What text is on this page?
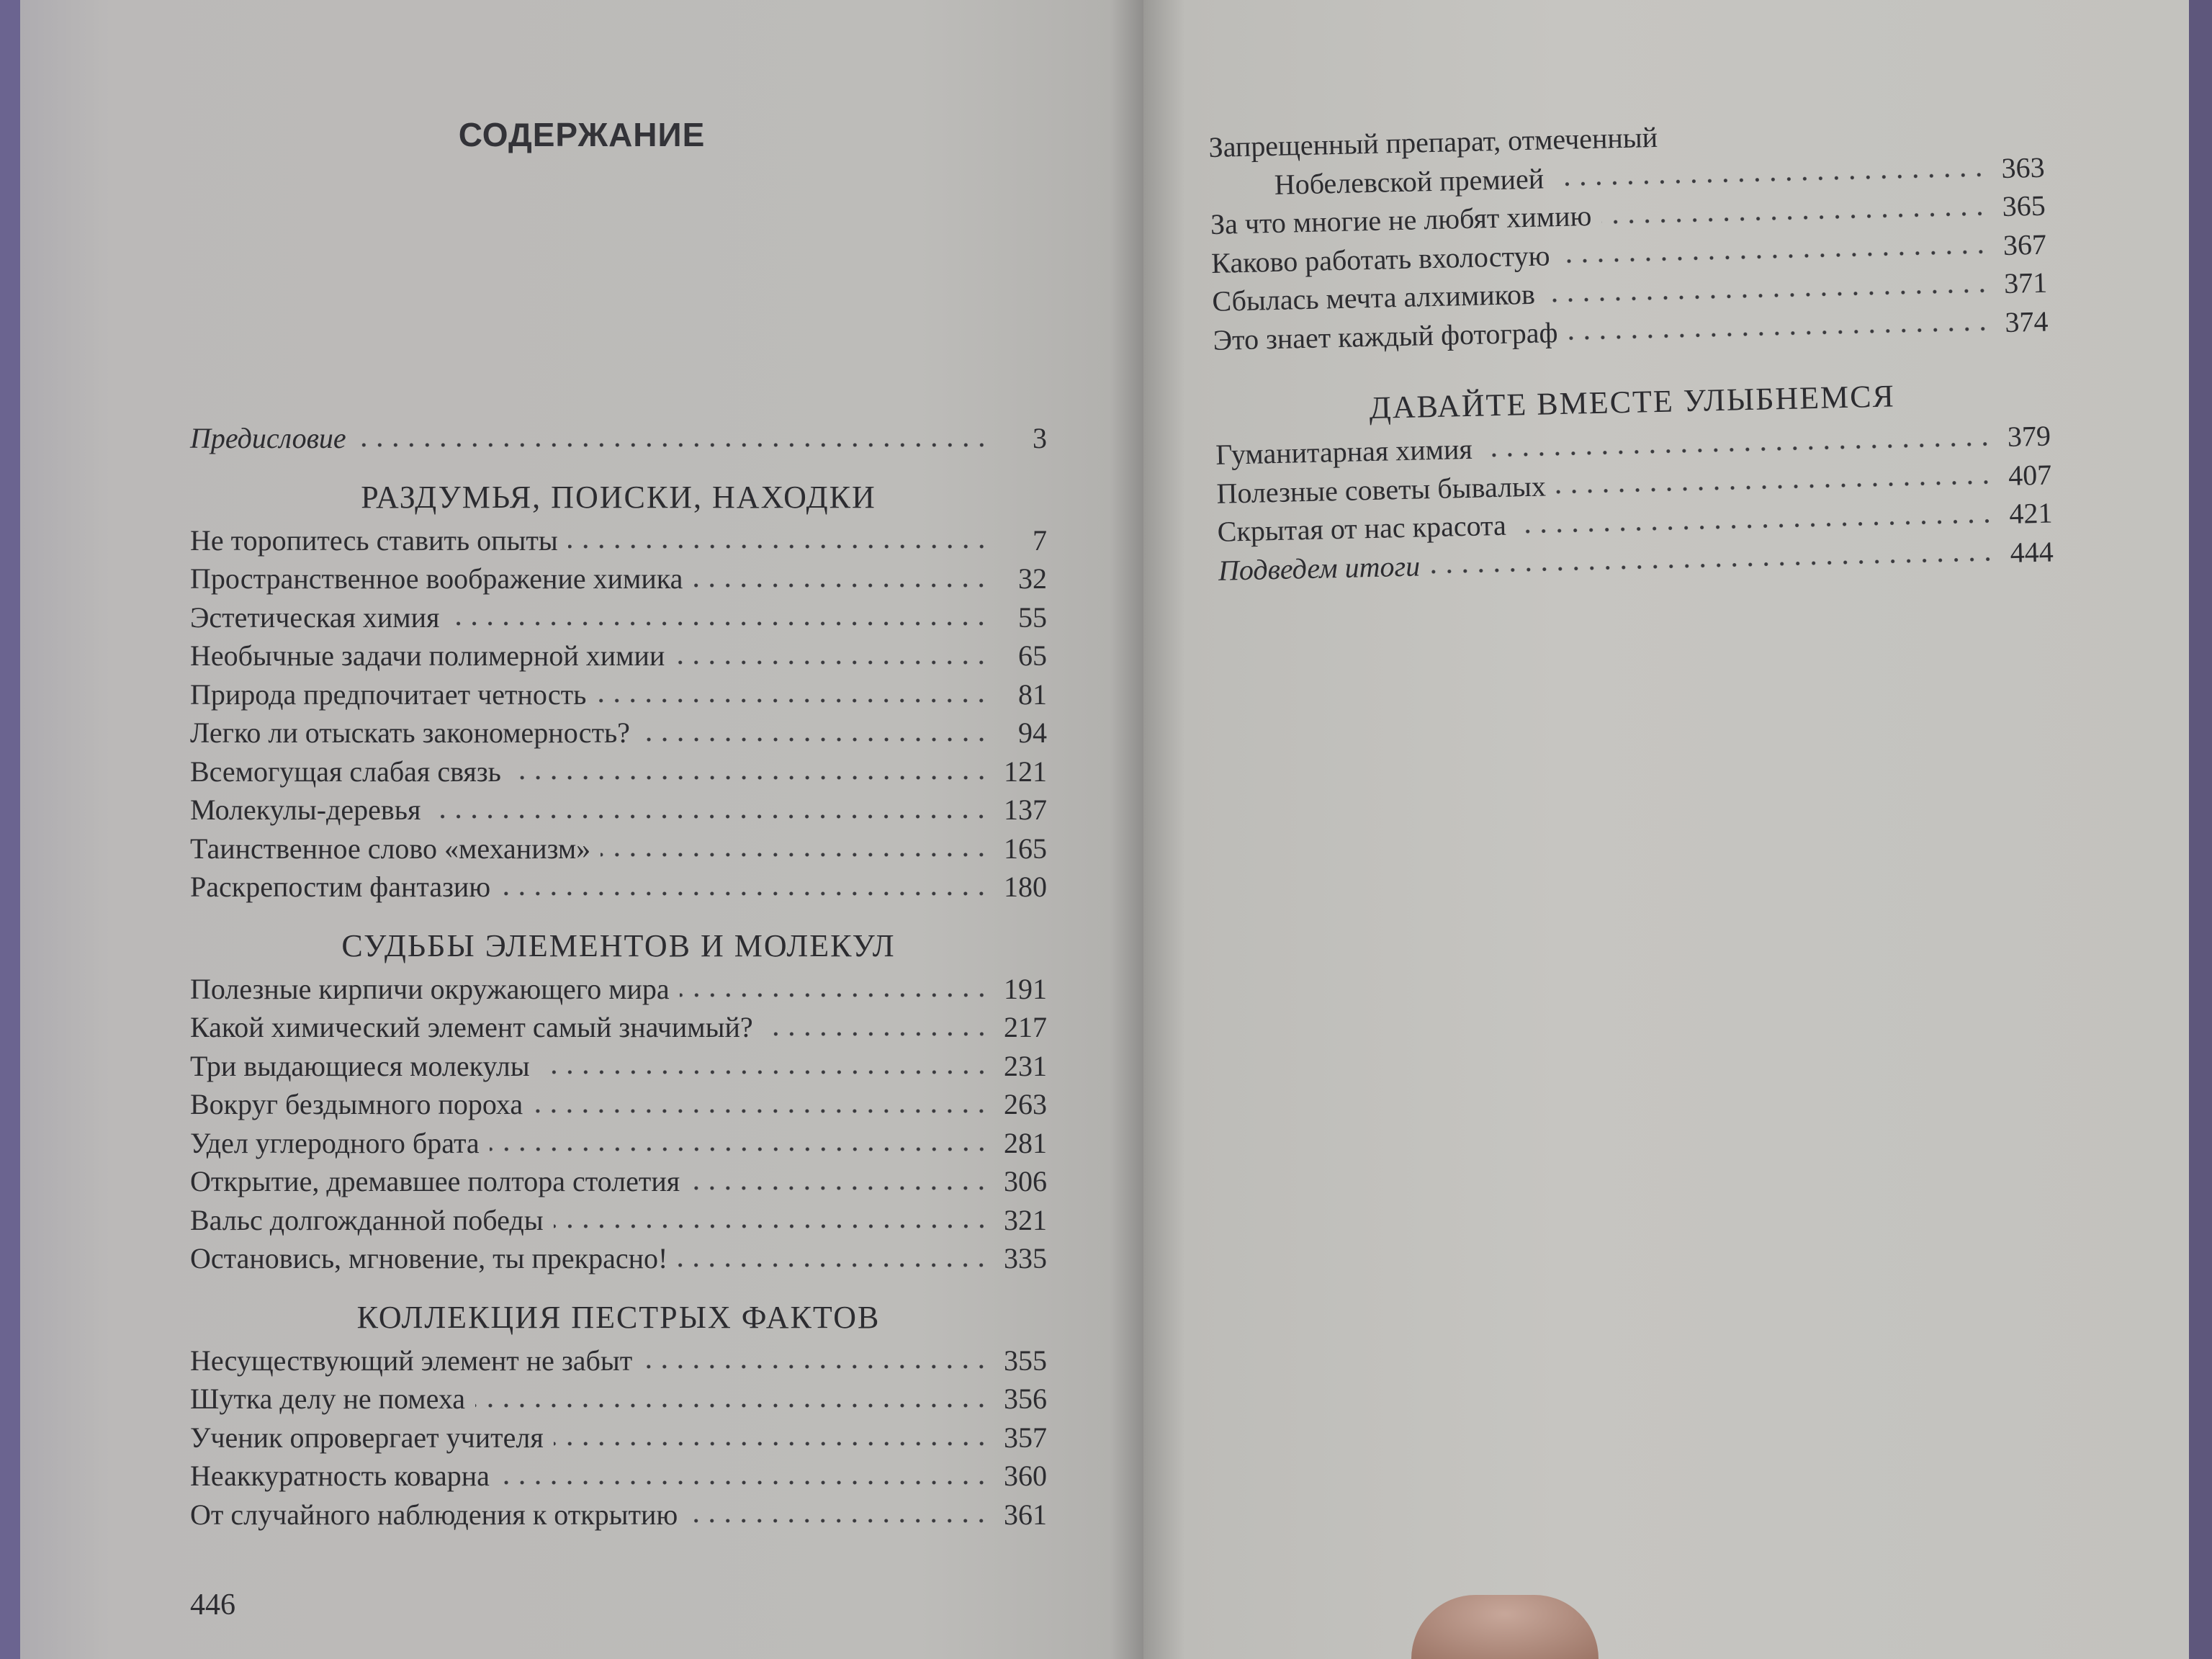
СОДЕРЖАНИЕ
Предисловие	3
РАЗДУМЬЯ, ПОИСКИ, НАХОДКИ
Не торопитесь ставить опыты	7
Пространственное воображение химика	32
Эстетическая химия	55
Необычные задачи полимерной химии	65
Природа предпочитает четность	81
Легко ли отыскать закономерность?	94
Всемогущая слабая связь	121
Молекулы-деревья	137
Таинственное слово «механизм»	165
Раскрепостим фантазию	180
СУДЬБЫ ЭЛЕМЕНТОВ И МОЛЕКУЛ
Полезные кирпичи окружающего мира	191
Какой химический элемент самый значимый?	217
Три выдающиеся молекулы	231
Вокруг бездымного пороха	263
Удел углеродного брата	281
Открытие, дремавшее полтора столетия	306
Вальс долгожданной победы	321
Остановись, мгновение, ты прекрасно!	335
КОЛЛЕКЦИЯ ПЕСТРЫХ ФАКТОВ
Несуществующий элемент не забыт	355
Шутка делу не помеха	356
Ученик опровергает учителя	357
Неаккуратность коварна	360
От случайного наблюдения к открытию	361
446
Запрещенный препарат, отмеченный
Нобелевской премией	363
За что многие не любят химию	365
Каково работать вхолостую	367
Сбылась мечта алхимиков	371
Это знает каждый фотограф	374
ДАВАЙТЕ ВМЕСТЕ УЛЫБНЕМСЯ
Гуманитарная химия	379
Полезные советы бывалых	407
Скрытая от нас красота	421
Подведем итоги	444
